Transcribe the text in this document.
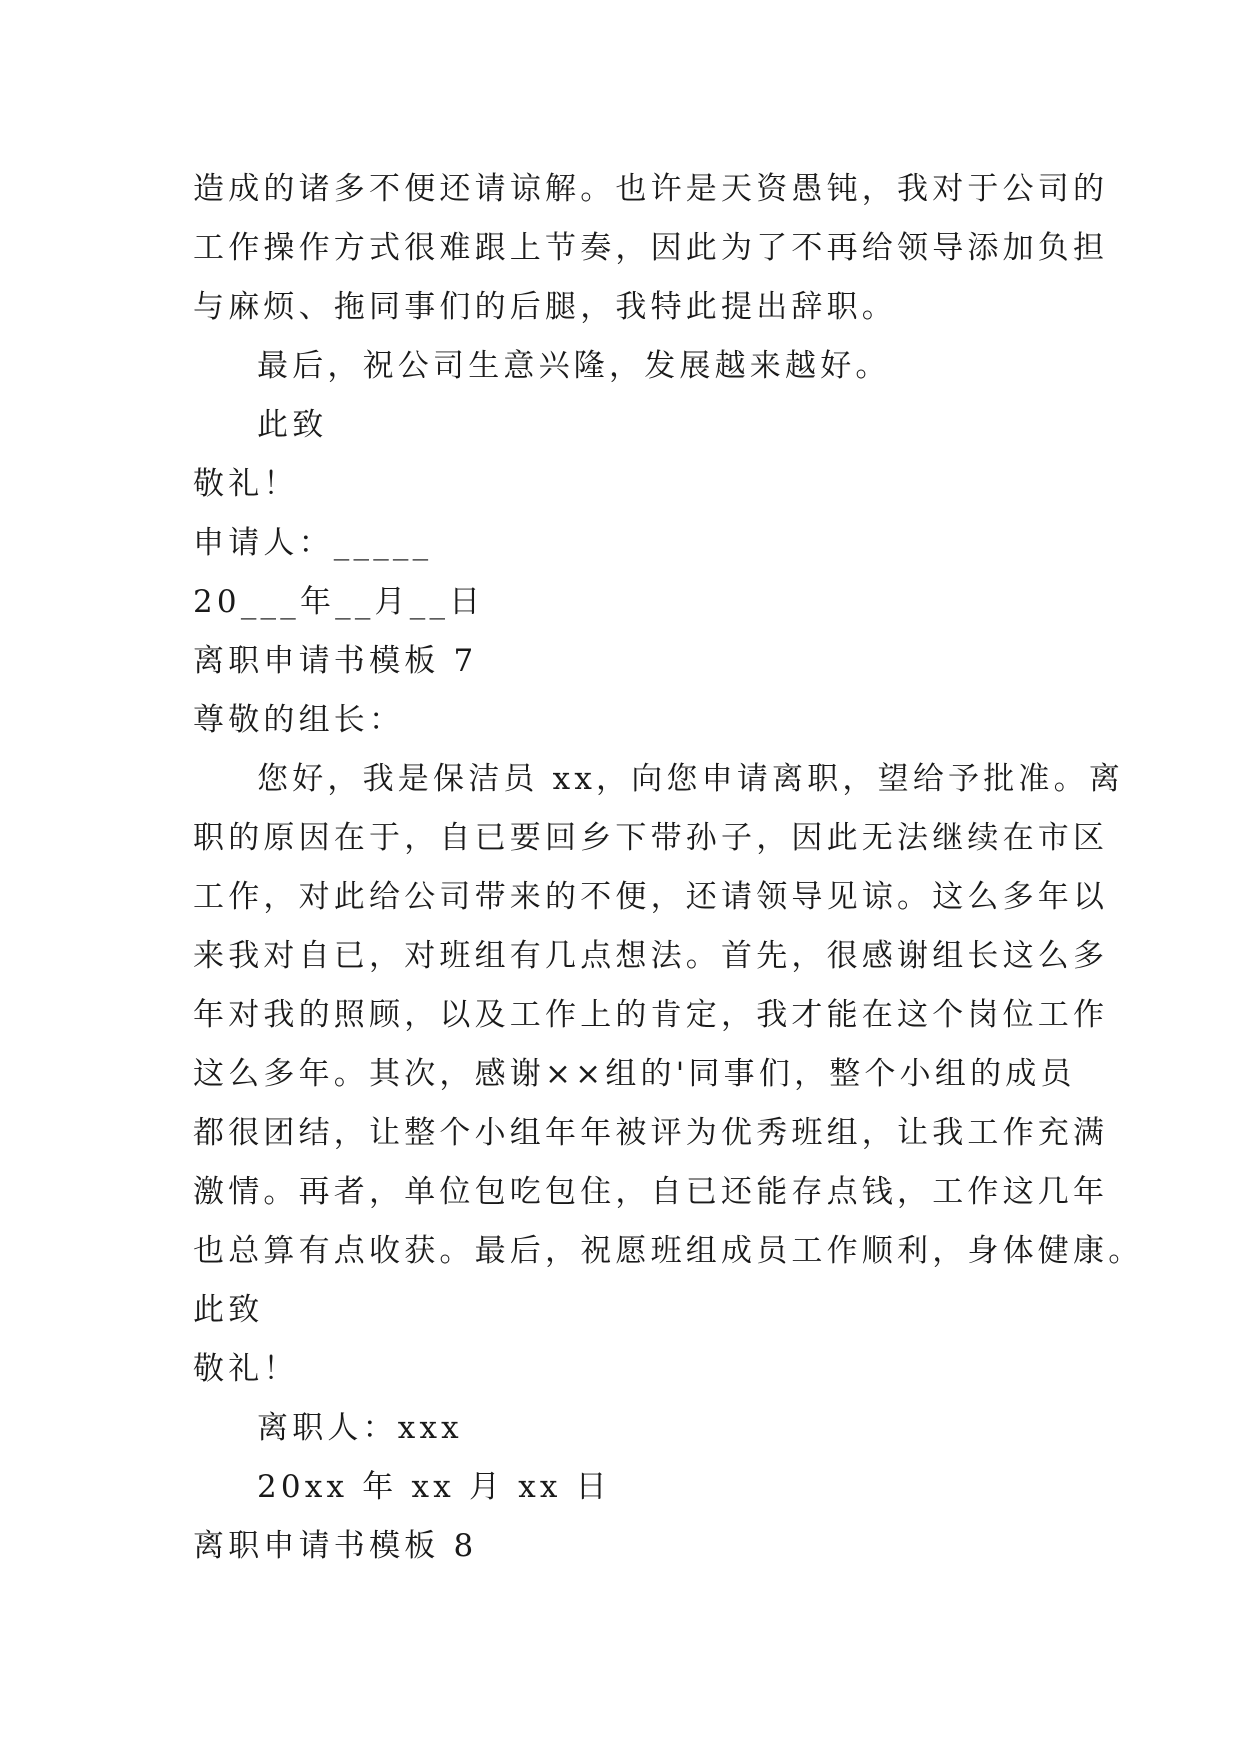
造成的诸多不便还请谅解。也许是天资愚钝，我对于公司的
工作操作方式很难跟上节奏，因此为了不再给领导添加负担
与麻烦、拖同事们的后腿，我特此提出辞职。
最后，祝公司生意兴隆，发展越来越好。
此致
敬礼！
申请人：_____
20___年__月__日
离职申请书模板 7
尊敬的组长：
您好，我是保洁员 xx，向您申请离职，望给予批准。离
职的原因在于，自已要回乡下带孙子，因此无法继续在市区
工作，对此给公司带来的不便，还请领导见谅。这么多年以
来我对自已，对班组有几点想法。首先，很感谢组长这么多
年对我的照顾，以及工作上的肯定，我才能在这个岗位工作
这么多年。其次，感谢××组的'同事们，整个小组的成员
都很团结，让整个小组年年被评为优秀班组，让我工作充满
激情。再者，单位包吃包住，自已还能存点钱，工作这几年
也总算有点收获。最后，祝愿班组成员工作顺利，身体健康。
此致
敬礼！
离职人：xxx
20xx 年 xx 月 xx 日
离职申请书模板 8
